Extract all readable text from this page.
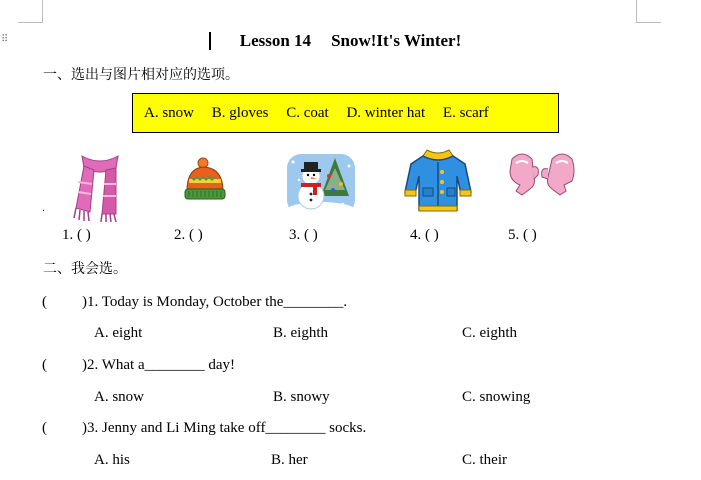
⠿	Lesson 14 Snow!It's Winter!
一、选出与图片相对应的选项。
A. snow B. gloves C. coat D. winter hat E. scarf
.
1. ( )	2. ( )	3. ( )	4. ( )	5. ( )
二、我会选。
( )1. Today is Monday, October the________.
A. eight	B. eighth	C. eighth
( )2. What a________ day!
A. snow	B. snowy	C. snowing
( )3. Jenny and Li Ming take off________ socks.
A. his	B. her	C. their
